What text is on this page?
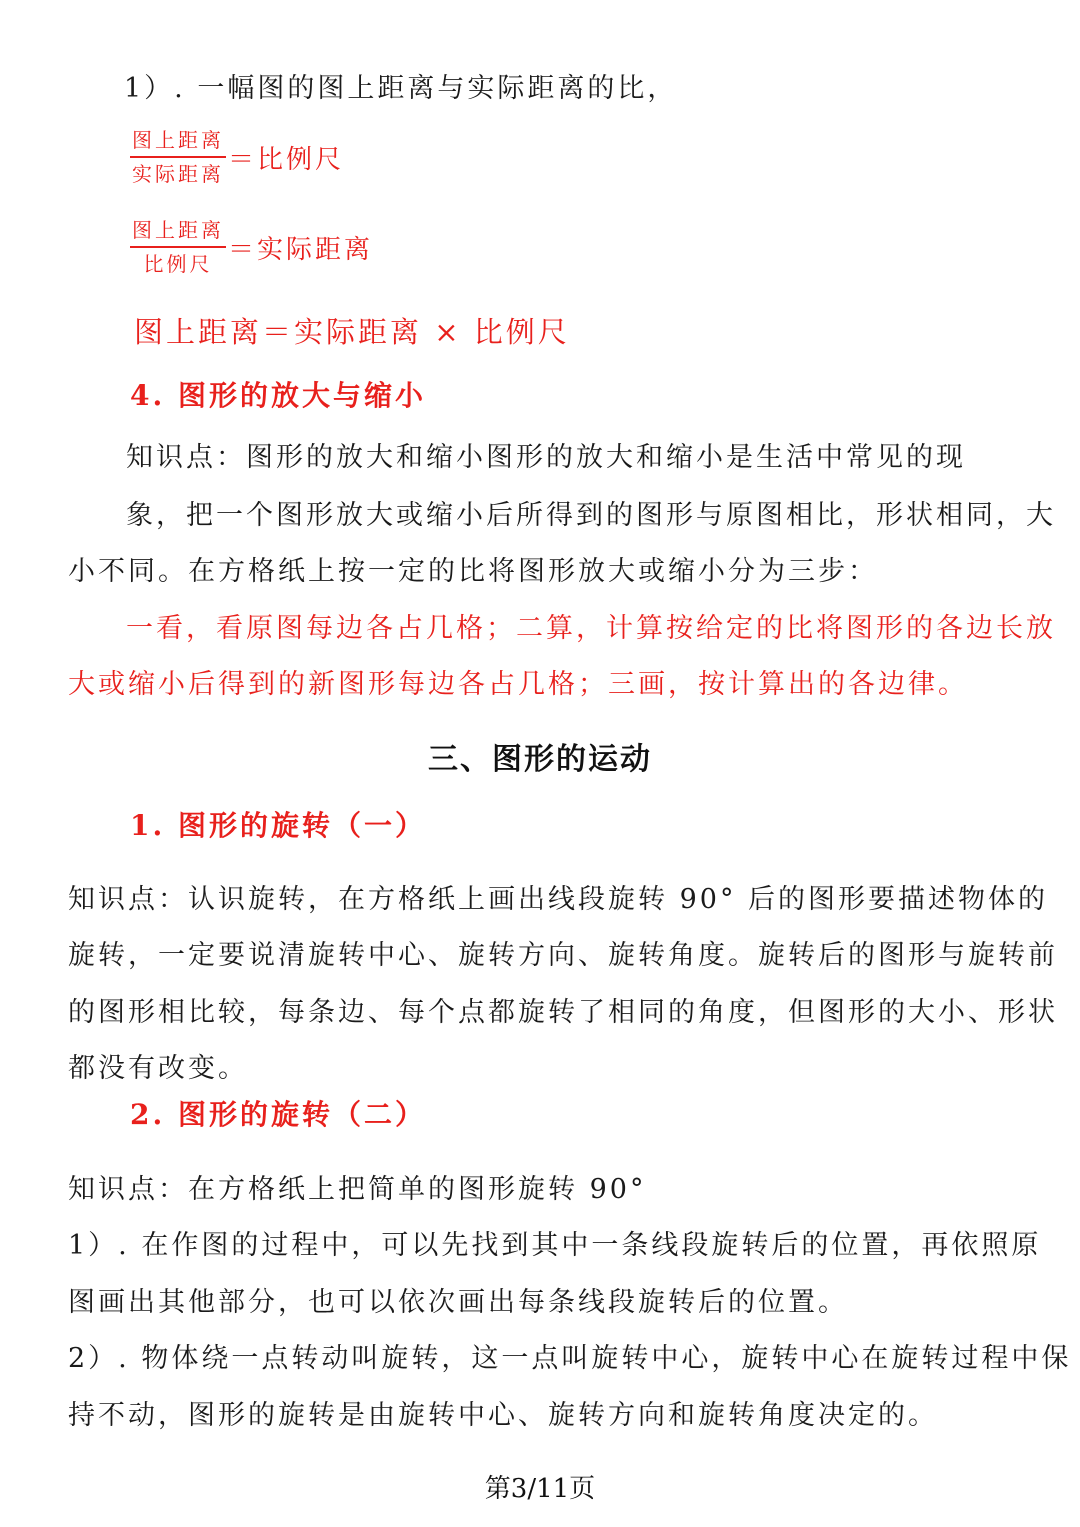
1）. 一幅图的图上距离与实际距离的比，
$\frac{\text{图上距离}}{\text{实际距离}}$ ＝比例尺
$\frac{\text{图上距离}}{\text{比例尺}}$ ＝实际距离
图上距离＝实际距离 × 比例尺
4. 图形的放大与缩小
知识点：图形的放大和缩小图形的放大和缩小是生活中常见的现
象，把一个图形放大或缩小后所得到的图形与原图相比，形状相同，大
小不同。在方格纸上按一定的比将图形放大或缩小分为三步：
一看，看原图每边各占几格；二算，计算按给定的比将图形的各边长放
大或缩小后得到的新图形每边各占几格；三画，按计算出的各边律。
三、图形的运动
1. 图形的旋转（一）
知识点：认识旋转，在方格纸上画出线段旋转 90° 后的图形要描述物体的
旋转，一定要说清旋转中心、旋转方向、旋转角度。旋转后的图形与旋转前
的图形相比较，每条边、每个点都旋转了相同的角度，但图形的大小、形状
都没有改变。
2. 图形的旋转（二）
知识点：在方格纸上把简单的图形旋转 90°
1）. 在作图的过程中，可以先找到其中一条线段旋转后的位置，再依照原
图画出其他部分，也可以依次画出每条线段旋转后的位置。
2）. 物体绕一点转动叫旋转，这一点叫旋转中心，旋转中心在旋转过程中保
持不动，图形的旋转是由旋转中心、旋转方向和旋转角度决定的。
第3/11页
